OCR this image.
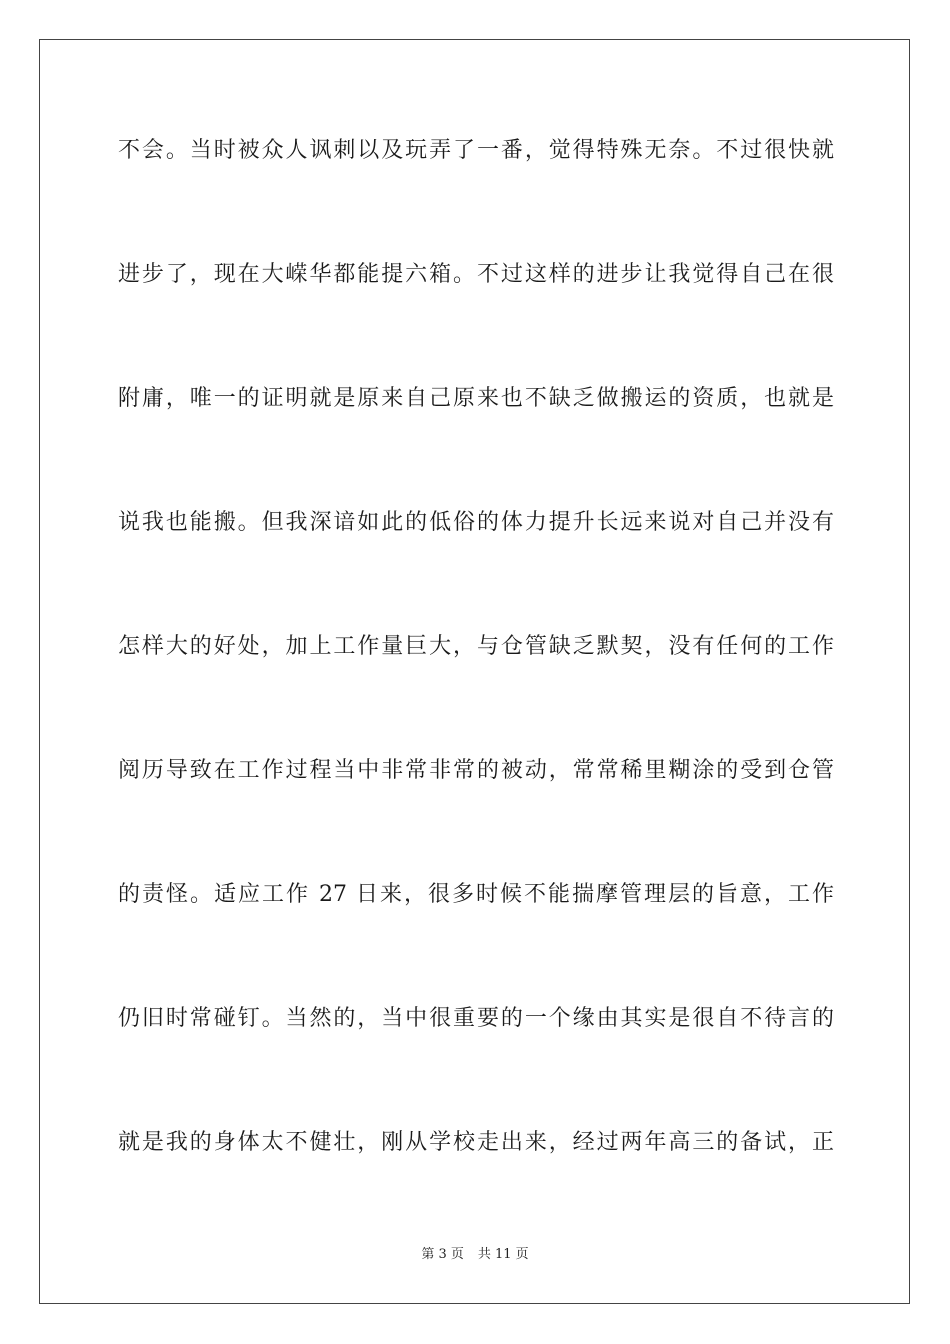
不会。当时被众人讽刺以及玩弄了一番，觉得特殊无奈。不过很快就
进步了，现在大嵘华都能提六箱。不过这样的进步让我觉得自己在很
附庸，唯一的证明就是原来自己原来也不缺乏做搬运的资质，也就是
说我也能搬。但我深谙如此的低俗的体力提升长远来说对自己并没有
怎样大的好处，加上工作量巨大，与仓管缺乏默契，没有任何的工作
阅历导致在工作过程当中非常非常的被动，常常稀里糊涂的受到仓管
的责怪。适应工作 27 日来，很多时候不能揣摩管理层的旨意，工作
仍旧时常碰钉。当然的，当中很重要的一个缘由其实是很自不待言的
就是我的身体太不健壮，刚从学校走出来，经过两年高三的备试，正
第 3 页 共 11 页
